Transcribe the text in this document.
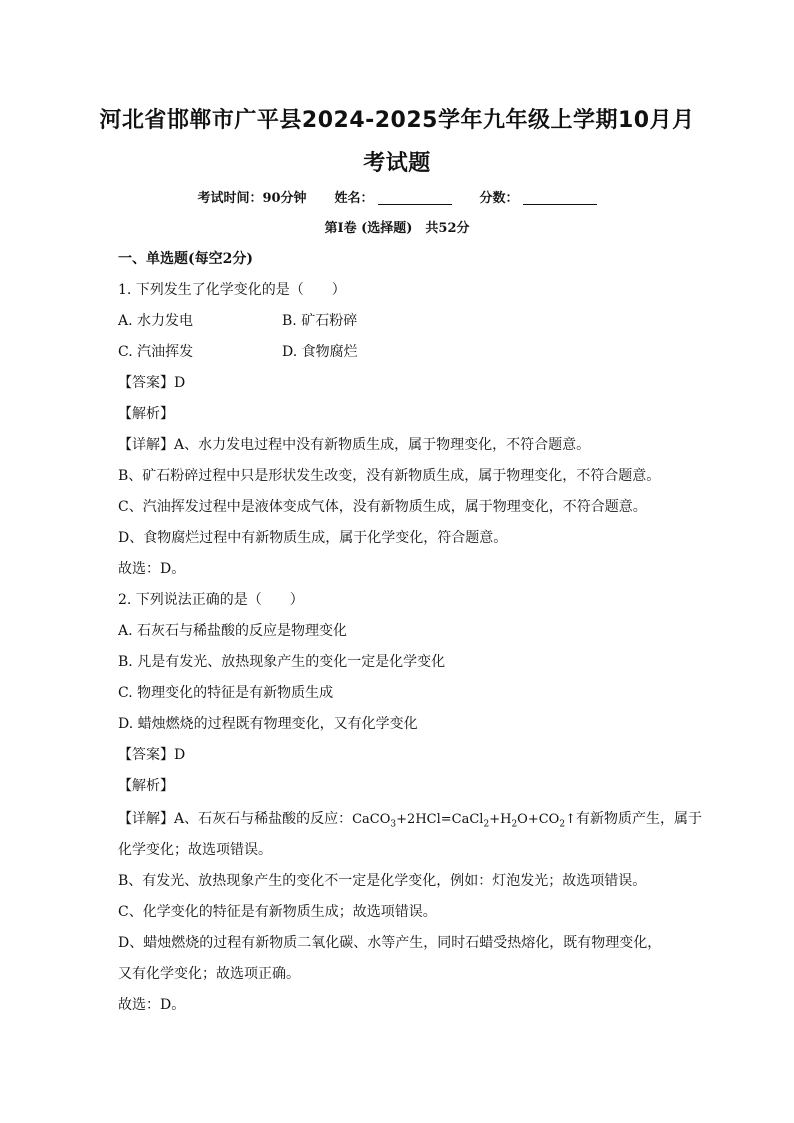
河北省邯郸市广平县2024-2025学年九年级上学期10月月
考试题
考试时间：90分钟 姓名：	分数：
第Ⅰ卷 (选择题)　共52分
一、单选题(每空2分)
1. 下列发生了化学变化的是（　　）
A. 水力发电	B. 矿石粉碎
C. 汽油挥发	D. 食物腐烂
【答案】D
【解析】
【详解】A、水力发电过程中没有新物质生成，属于物理变化，不符合题意。
B、矿石粉碎过程中只是形状发生改变，没有新物质生成，属于物理变化，不符合题意。
C、汽油挥发过程中是液体变成气体，没有新物质生成，属于物理变化，不符合题意。
D、食物腐烂过程中有新物质生成，属于化学变化，符合题意。
故选：D。
2. 下列说法正确的是（　　）
A. 石灰石与稀盐酸的反应是物理变化
B. 凡是有发光、放热现象产生的变化一定是化学变化
C. 物理变化的特征是有新物质生成
D. 蜡烛燃烧的过程既有物理变化，又有化学变化
【答案】D
【解析】
【详解】A、石灰石与稀盐酸的反应：$CaCO_3+2HCl=CaCl_2+H_2O+CO_2↑$有新物质产生，属于
化学变化；故选项错误。
B、有发光、放热现象产生的变化不一定是化学变化，例如：灯泡发光；故选项错误。
C、化学变化的特征是有新物质生成；故选项错误。
D、蜡烛燃烧的过程有新物质二氧化碳、水等产生，同时石蜡受热熔化，既有物理变化，
又有化学变化；故选项正确。
故选：D。
